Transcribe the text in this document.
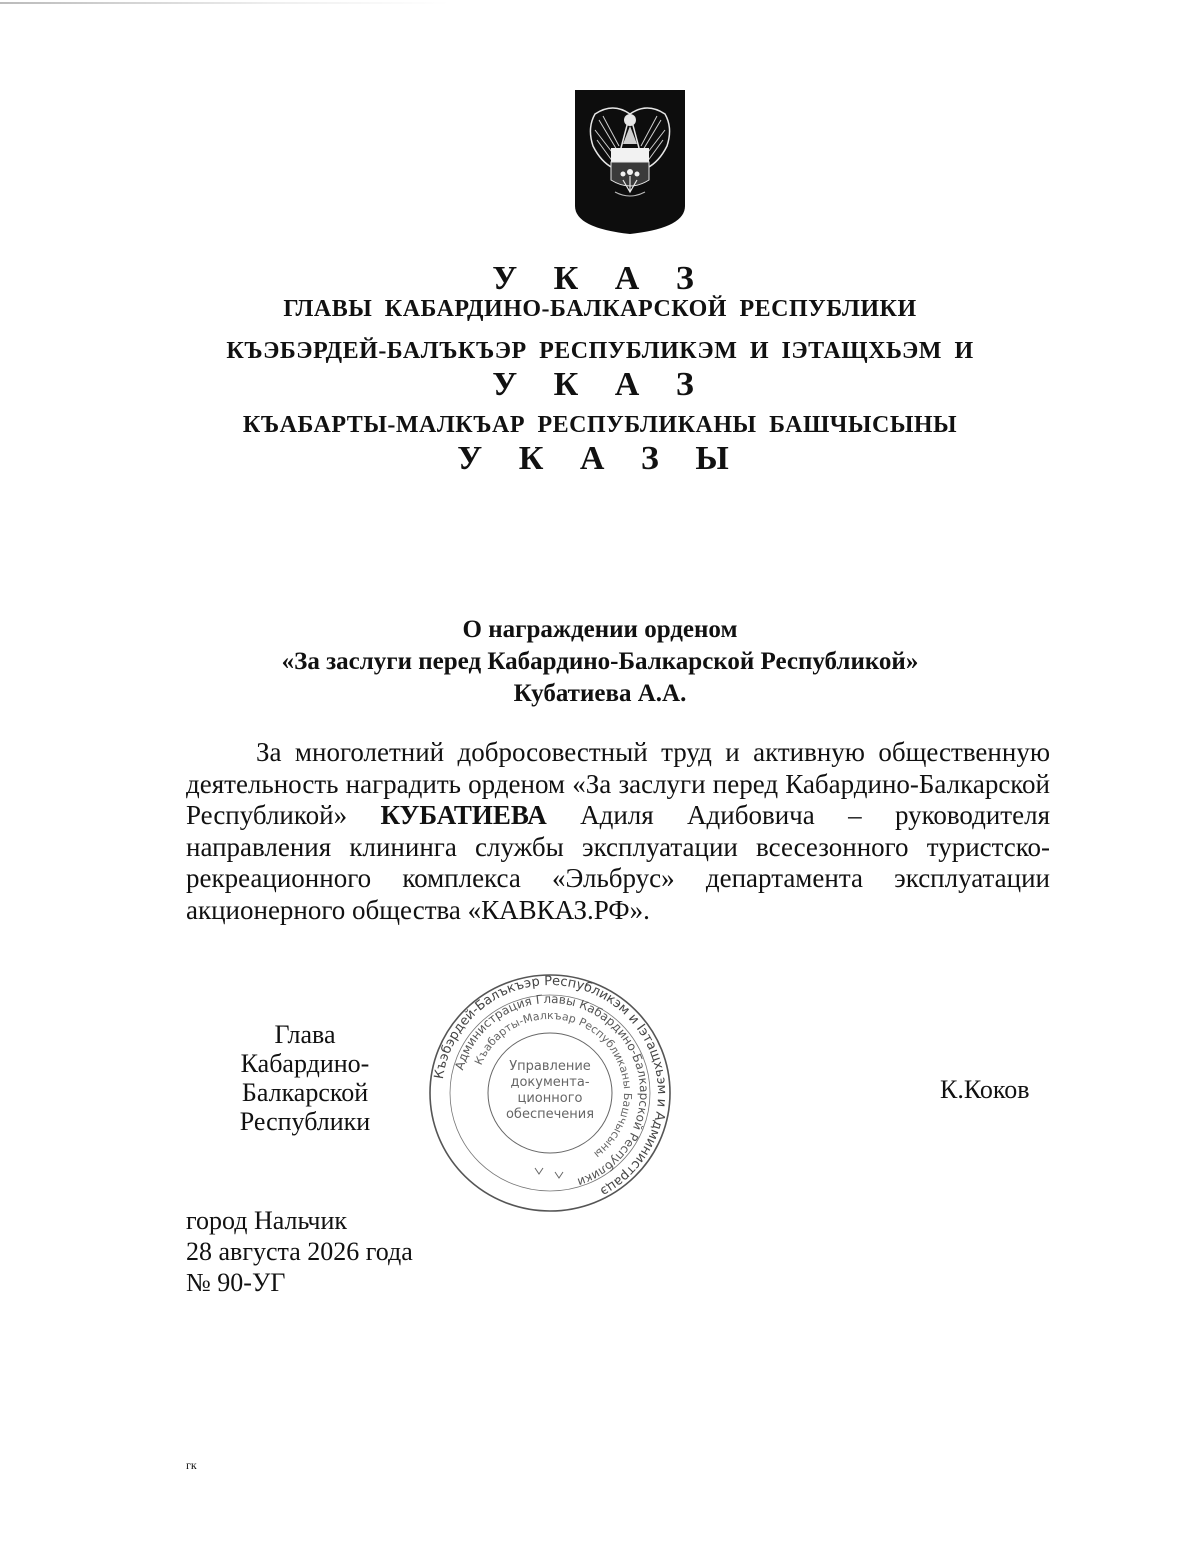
У К А З
ГЛАВЫ КАБАРДИНО-БАЛКАРСКОЙ РЕСПУБЛИКИ
КЪЭБЭРДЕЙ-БАЛЪКЪЭР РЕСПУБЛИКЭМ И IЭТАЩХЬЭМ И
У К А З
КЪАБАРТЫ-МАЛКЪАР РЕСПУБЛИКАНЫ БАШЧЫСЫНЫ
У К А З Ы
О награждении орденом
«За заслуги перед Кабардино-Балкарской Республикой»
Кубатиева А.А.

За многолетний добросовестный труд и активную общественную деятельность наградить орденом «За заслуги перед Кабардино-Балкарской Республикой» КУБАТИЕВА Адиля Адибовича – руководителя направления клининга службы эксплуатации всесезонного туристско-рекреационного комплекса «Эльбрус» департамента эксплуатации акционерного общества «КАВКАЗ.РФ».

Глава
Кабардино-Балкарской
Республики
К.Коков
Къэбэрдей-Балъкъэр Республикэм и Iэтащхьэм и Администрацэ
Администрация Главы Кабардино-Балкарской Республики
Къабарты-Малкъар Республиканы Башчысыны
Управление
документа-
ционного
обеспечения
город Нальчик
28 августа 2026 года
№ 90-УГ
гк
